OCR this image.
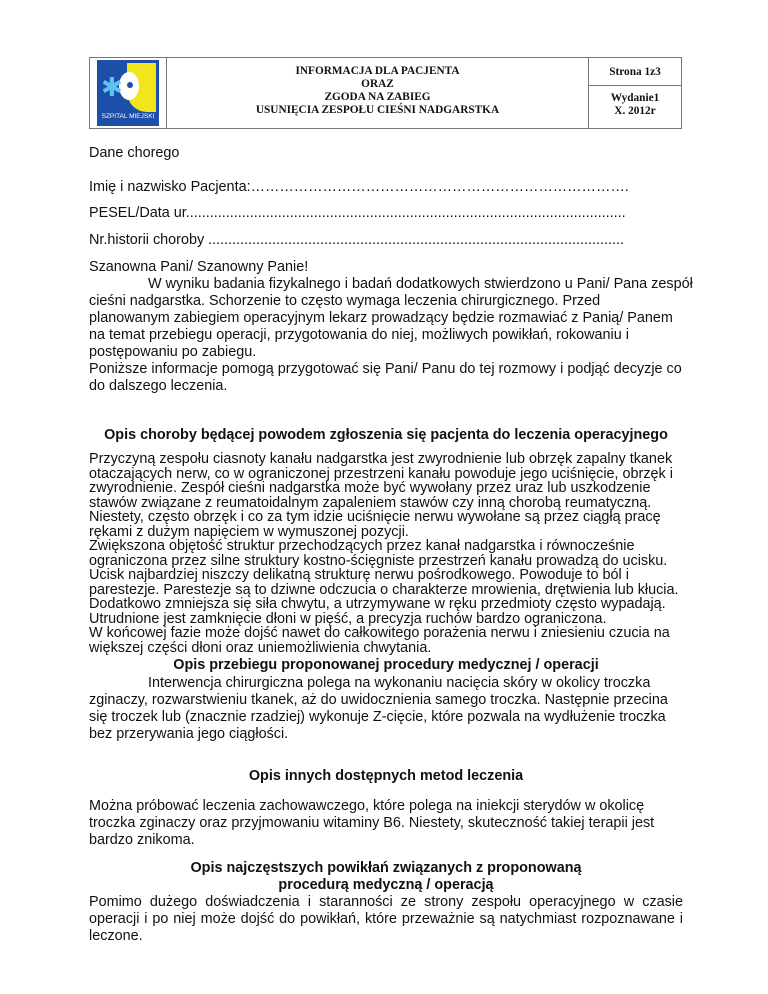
✱
SZPITAL MIEJSKI
INFORMACJA DLA PACJENTA
ORAZ
ZGODA NA ZABIEG
USUNIĘCIA ZESPOŁU CIEŚNI NADGARSTKA
Strona 1z3
Wydanie1
X. 2012r
Dane chorego
Imię i nazwisko Pacjenta:…………………………………………………………………….
PESEL/Data ur..............................................................................................................
Nr.historii choroby ........................................................................................................
Szanowna Pani/ Szanowny Panie!
W wyniku badania fizykalnego i badań dodatkowych stwierdzono u Pani/ Pana zespół
cieśni nadgarstka. Schorzenie to często wymaga leczenia chirurgicznego. Przed
planowanym zabiegiem operacyjnym lekarz prowadzący będzie rozmawiać z Panią/ Panem
na temat przebiegu operacji, przygotowania do niej, możliwych powikłań, rokowaniu i
postępowaniu po zabiegu.
Poniższe informacje pomogą przygotować się Pani/ Panu do tej rozmowy i podjąć decyzje co
do dalszego leczenia.
Opis choroby będącej powodem zgłoszenia się pacjenta do leczenia operacyjnego
Przyczyną zespołu ciasnoty kanału nadgarstka jest zwyrodnienie lub obrzęk zapalny tkanek
otaczających nerw, co w ograniczonej przestrzeni kanału powoduje jego uciśnięcie, obrzęk i
zwyrodnienie. Zespół cieśni nadgarstka może być wywołany przez uraz lub uszkodzenie
stawów związane z reumatoidalnym zapaleniem stawów czy inną chorobą reumatyczną.
Niestety, często obrzęk i co za tym idzie uciśnięcie nerwu wywołane są przez ciągłą pracę
rękami z dużym napięciem w wymuszonej pozycji.
Zwiększona objętość struktur przechodzących przez kanał nadgarstka i równocześnie
ograniczona przez silne struktury kostno-ścięgniste przestrzeń kanału prowadzą do ucisku.
Ucisk najbardziej niszczy delikatną strukturę nerwu pośrodkowego. Powoduje to ból i
parestezje. Parestezje są to dziwne odczucia o charakterze mrowienia, drętwienia lub kłucia.
Dodatkowo zmniejsza się siła chwytu, a utrzymywane w ręku przedmioty często wypadają.
Utrudnione jest zamknięcie dłoni w pięść, a precyzja ruchów bardzo ograniczona.
W końcowej fazie może dojść nawet do całkowitego porażenia nerwu i zniesieniu czucia na
większej części dłoni oraz uniemożliwienia chwytania.
Opis przebiegu proponowanej procedury medycznej / operacji
Interwencja chirurgiczna polega na wykonaniu nacięcia skóry w okolicy troczka
zginaczy, rozwarstwieniu tkanek, aż do uwidocznienia samego troczka. Następnie przecina
się troczek lub (znacznie rzadziej) wykonuje Z-cięcie, które pozwala na wydłużenie troczka
bez przerywania jego ciągłości.
Opis innych dostępnych metod leczenia
Można próbować leczenia zachowawczego, które polega na iniekcji sterydów w okolicę
troczka zginaczy oraz przyjmowaniu witaminy B6. Niestety, skuteczność takiej terapii jest
bardzo znikoma.
Opis najczęstszych powikłań związanych z proponowaną
procedurą medyczną / operacją
Pomimo dużego doświadczenia i staranności ze strony zespołu operacyjnego w czasie operacji i po niej może dojść do powikłań, które przeważnie są natychmiast rozpoznawane i leczone.
